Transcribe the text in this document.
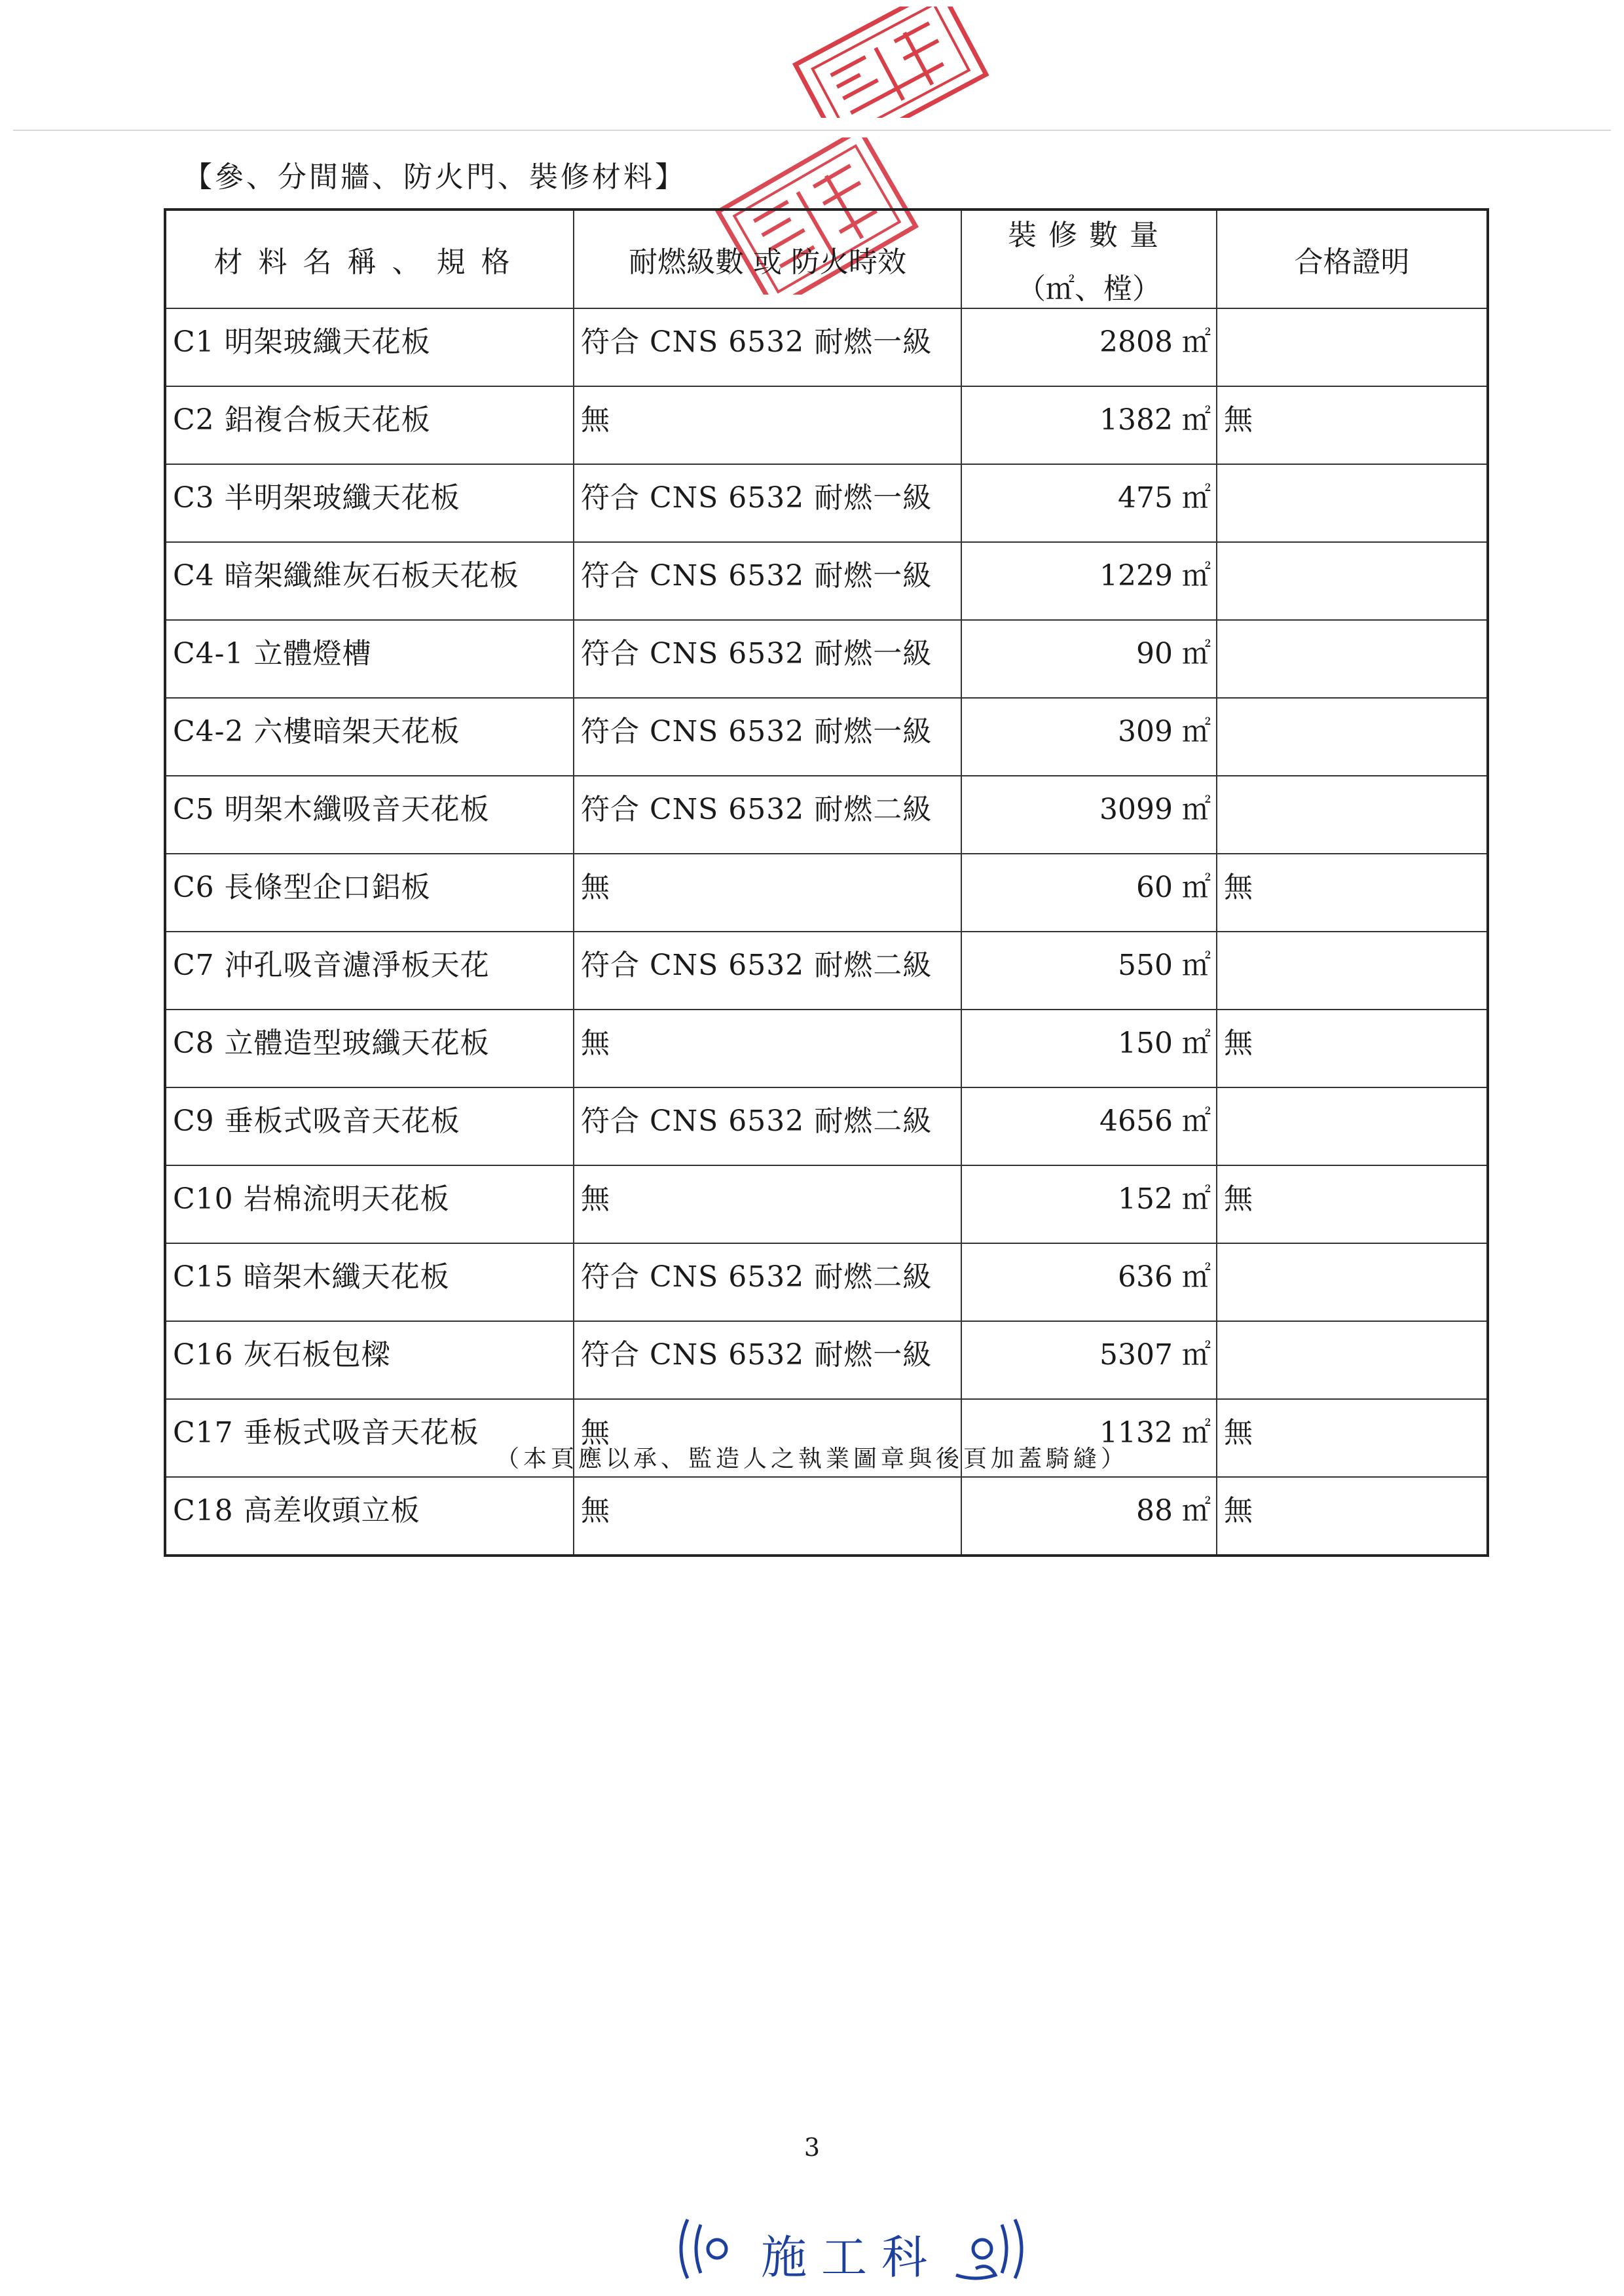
【參、分間牆、防火門、裝修材料】
材料名稱、規格	耐燃級數 或 防火時效	裝修數量
（㎡、樘）	合格證明
C1 明架玻纖天花板	符合 CNS 6532 耐燃一級	2808 ㎡	
C2 鋁複合板天花板	無	1382 ㎡	無
C3 半明架玻纖天花板	符合 CNS 6532 耐燃一級	475 ㎡	
C4 暗架纖維灰石板天花板	符合 CNS 6532 耐燃一級	1229 ㎡	
C4-1 立體燈槽	符合 CNS 6532 耐燃一級	90 ㎡	
C4-2 六樓暗架天花板	符合 CNS 6532 耐燃一級	309 ㎡	
C5 明架木纖吸音天花板	符合 CNS 6532 耐燃二級	3099 ㎡	
C6 長條型企口鋁板	無	60 ㎡	無
C7 沖孔吸音濾淨板天花	符合 CNS 6532 耐燃二級	550 ㎡	
C8 立體造型玻纖天花板	無	150 ㎡	無
C9 垂板式吸音天花板	符合 CNS 6532 耐燃二級	4656 ㎡	
C10 岩棉流明天花板	無	152 ㎡	無
C15 暗架木纖天花板	符合 CNS 6532 耐燃二級	636 ㎡	
C16 灰石板包樑	符合 CNS 6532 耐燃一級	5307 ㎡	
C17 垂板式吸音天花板	無	1132 ㎡	無
C18 高差收頭立板	無	88 ㎡	無
（本頁應以承、監造人之執業圖章與後頁加蓋騎縫）
3
施工科
